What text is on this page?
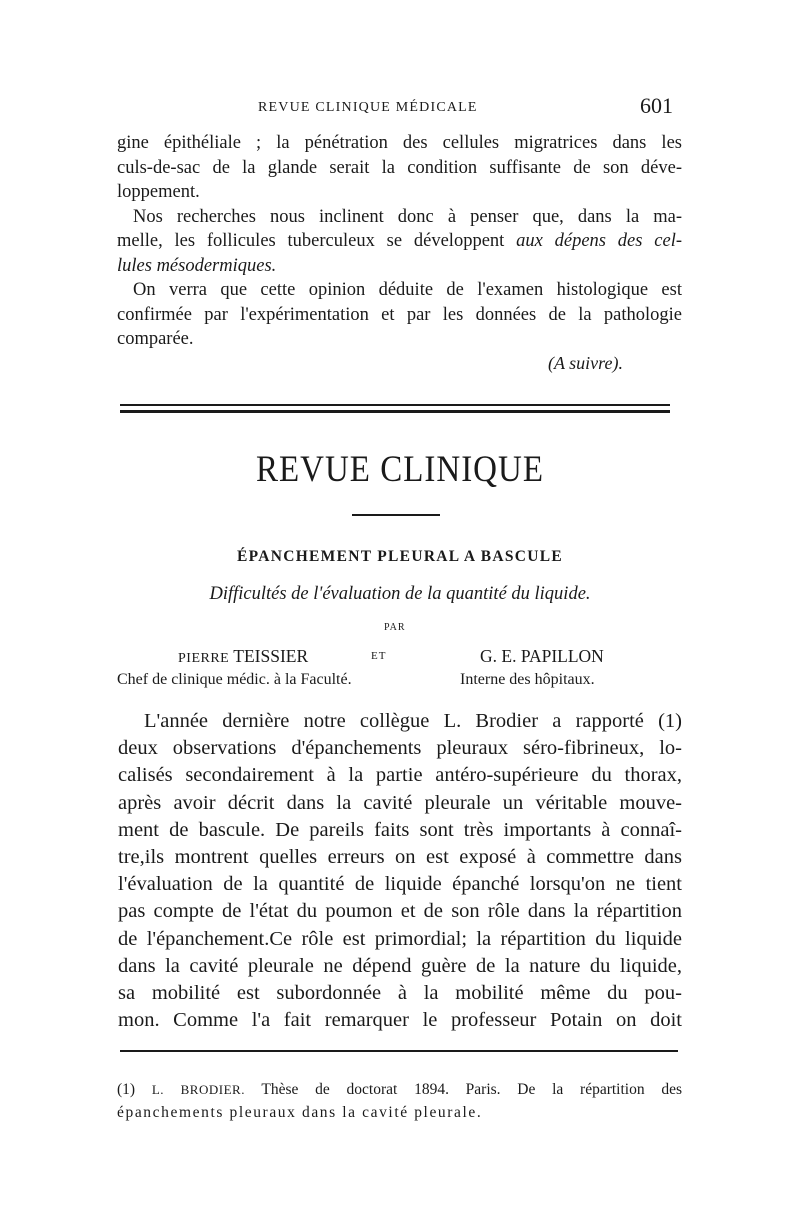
REVUE CLINIQUE MÉDICALE	601
gine épithéliale ; la pénétration des cellules migratrices dans les
culs-de-sac de la glande serait la condition suffisante de son déve-
loppement.
Nos recherches nous inclinent donc à penser que, dans la ma-
melle, les follicules tuberculeux se développent aux dépens des cel-
lules mésodermiques.
On verra que cette opinion déduite de l'examen histologique est
confirmée par l'expérimentation et par les données de la pathologie
comparée.
(A suivre).
REVUE CLINIQUE
ÉPANCHEMENT PLEURAL A BASCULE
Difficultés de l'évaluation de la quantité du liquide.
PAR
PIERRE TEISSIER	ET	G. E. PAPILLON
Chef de clinique médic. à la Faculté.	Interne des hôpitaux.
L'année dernière notre collègue L. Brodier a rapporté (1)
deux observations d'épanchements pleuraux séro-fibrineux, lo-
calisés secondairement à la partie antéro-supérieure du thorax,
après avoir décrit dans la cavité pleurale un véritable mouve-
ment de bascule. De pareils faits sont très importants à connaî-
tre,ils montrent quelles erreurs on est exposé à commettre dans
l'évaluation de la quantité de liquide épanché lorsqu'on ne tient
pas compte de l'état du poumon et de son rôle dans la répartition
de l'épanchement.Ce rôle est primordial; la répartition du liquide
dans la cavité pleurale ne dépend guère de la nature du liquide,
sa mobilité est subordonnée à la mobilité même du pou-
mon. Comme l'a fait remarquer le professeur Potain on doit
(1) L. BRODIER. Thèse de doctorat 1894. Paris. De la répartition des
épanchements pleuraux dans la cavité pleurale.
